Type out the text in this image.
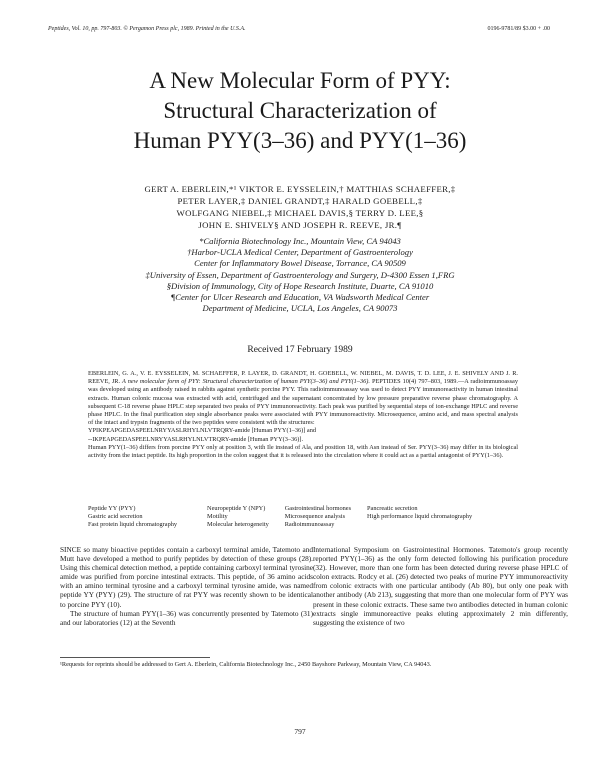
Peptides, Vol. 10, pp. 797-803. © Pergamon Press plc, 1989. Printed in the U.S.A.	0196-9781/89 $3.00 + .00
A New Molecular Form of PYY:
Structural Characterization of
Human PYY(3–36) and PYY(1–36)
GERT A. EBERLEIN,*¹ VIKTOR E. EYSSELEIN,† MATTHIAS SCHAEFFER,‡
PETER LAYER,‡ DANIEL GRANDT,‡ HARALD GOEBELL,‡
WOLFGANG NIEBEL,‡ MICHAEL DAVIS,§ TERRY D. LEE,§
JOHN E. SHIVELY§ AND JOSEPH R. REEVE, JR.¶
*California Biotechnology Inc., Mountain View, CA 94043
†Harbor-UCLA Medical Center, Department of Gastroenterology
Center for Inflammatory Bowel Disease, Torrance, CA 90509
‡University of Essen, Department of Gastroenterology and Surgery, D-4300 Essen 1,FRG
§Division of Immunology, City of Hope Research Institute, Duarte, CA 91010
¶Center for Ulcer Research and Education, VA Wadsworth Medical Center
Department of Medicine, UCLA, Los Angeles, CA 90073
Received 17 February 1989

EBERLEIN, G. A., V. E. EYSSELEIN, M. SCHAEFFER, P. LAYER, D. GRANDT, H. GOEBELL, W. NIEBEL, M. DAVIS, T. D. LEE, J. E. SHIVELY AND J. R. REEVE, JR. A new molecular form of PYY: Structural characterization of human PYY(3–36) and PYY(1–36). PEPTIDES 10(4) 797–803, 1989.—A radioimmunoassay was developed using an antibody raised in rabbits against synthetic porcine PYY. This radioimmunoassay was used to detect PYY immunoreactivity in human intestinal extracts. Human colonic mucosa was extracted with acid, centrifuged and the supernatant concentrated by low pressure preparative reverse phase chromatography. A subsequent C-18 reverse phase HPLC step separated two peaks of PYY immunoreactivity. Each peak was purified by sequential steps of ion-exchange HPLC and reverse phase HPLC. In the final purification step single absorbance peaks were associated with PYY immunoreactivity. Microsequence, amino acid, and mass spectral analysis of the intact and trypsin fragments of the two peptides were consistent with the structures:

YPIKPEAPGEDASPEELNRYYASLRHYLNLVTRQRY-amide [Human PYY(1–36)] and

--IKPEAPGEDASPEELNRYYASLRHYLNLVTRQRY-amide [Human PYY(3–36)].

Human PYY(1–36) differs from porcine PYY only at position 3, with Ile instead of Ala, and position 18, with Asn instead of Ser. PYY(3–36) may differ in its biological activity from the intact peptide. Its high proportion in the colon suggest that it is released into the circulation where it could act as a partial antagonist of PYY(1–36).

Peptide YY (PYY)	Neuropeptide Y (NPY)	Gastrointestinal hormones	Pancreatic secretion
Gastric acid secretion	Motility	Microsequence analysis	High performance liquid chromatography
Fast protein liquid chromatography	Molecular heterogeneity	Radioimmunoassay	

SINCE so many bioactive peptides contain a carboxyl terminal amide, Tatemoto and Mutt have developed a method to purify peptides by detection of these groups (28). Using this chemical detection method, a peptide containing carboxyl terminal tyrosine amide was purified from porcine intestinal extracts. This peptide, of 36 amino acids with an amino terminal tyrosine and a carboxyl terminal tyrosine amide, was named peptide YY (PYY) (29). The structure of rat PYY was recently shown to be identical to porcine PYY (10).

The structure of human PYY(1–36) was concurrently presented by Tatemoto (31) and our laboratories (12) at the Seventh

International Symposium on Gastrointestinal Hormones. Tatemoto's group recently reported PYY(1–36) as the only form detected following his purification procedure (32). However, more than one form has been detected during reverse phase HPLC of colon extracts. Rodcy et al. (26) detected two peaks of murine PYY immunoreactivity from colonic extracts with one particular antibody (Ab 80), but only one peak with another antibody (Ab 213), suggesting that more than one molecular form of PYY was present in these colonic extracts. These same two antibodies detected in human colonic extracts single immunoreactive peaks eluting approximately 2 min differently, suggesting the existence of two

¹Requests for reprints should be addressed to Gert A. Eberlein, California Biotechnology Inc., 2450 Bayshore Parkway, Mountain View, CA 94043.
797
